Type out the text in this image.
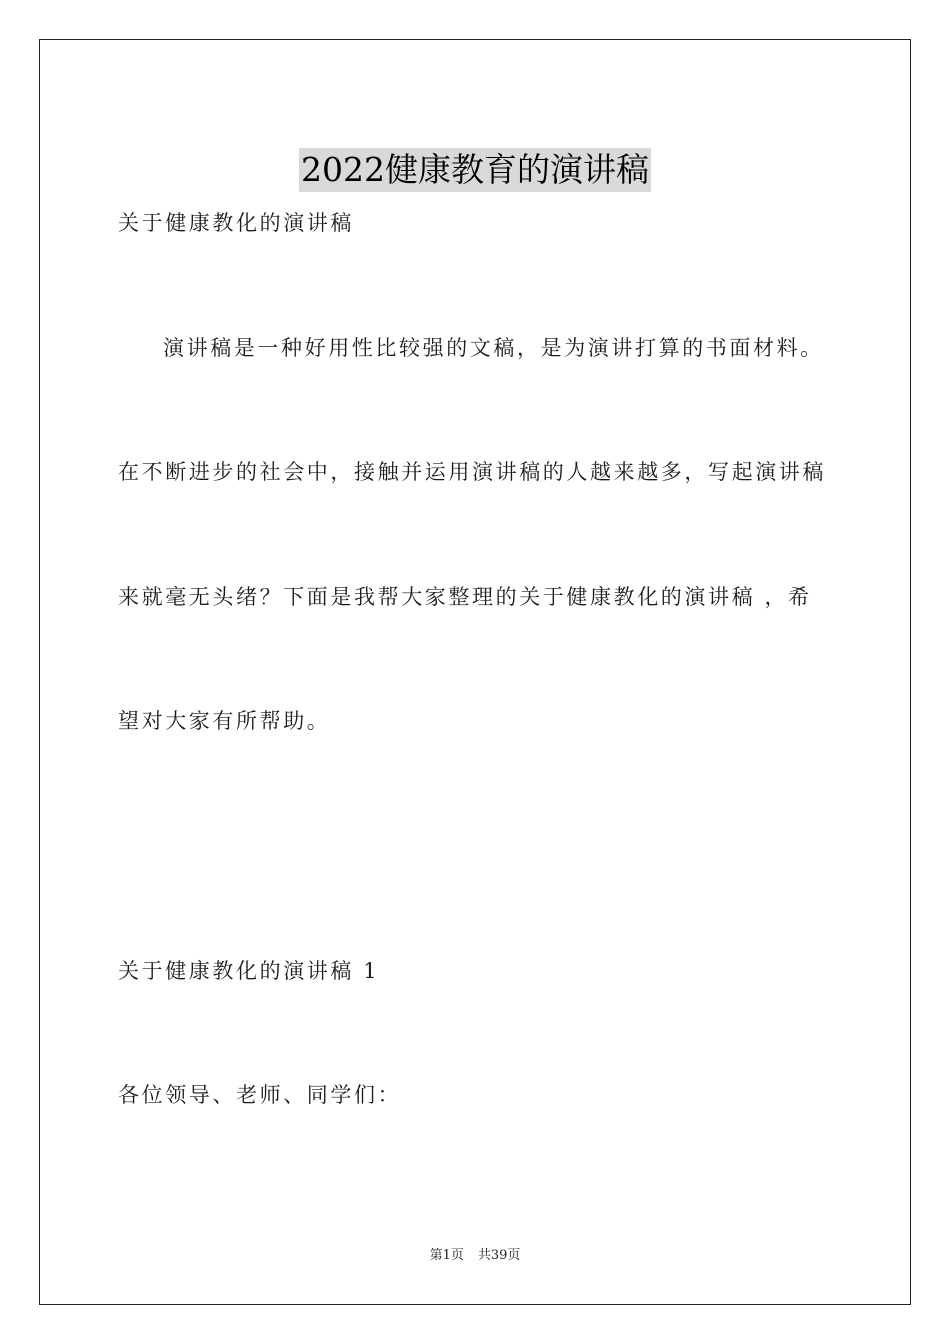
2022健康教育的演讲稿
关于健康教化的演讲稿
演讲稿是一种好用性比较强的文稿，是为演讲打算的书面材料。
在不断进步的社会中，接触并运用演讲稿的人越来越多，写起演讲稿
来就毫无头绪？下面是我帮大家整理的关于健康教化的演讲稿 ，希
望对大家有所帮助。
关于健康教化的演讲稿 1
各位领导、老师、同学们：
第1页 共39页
